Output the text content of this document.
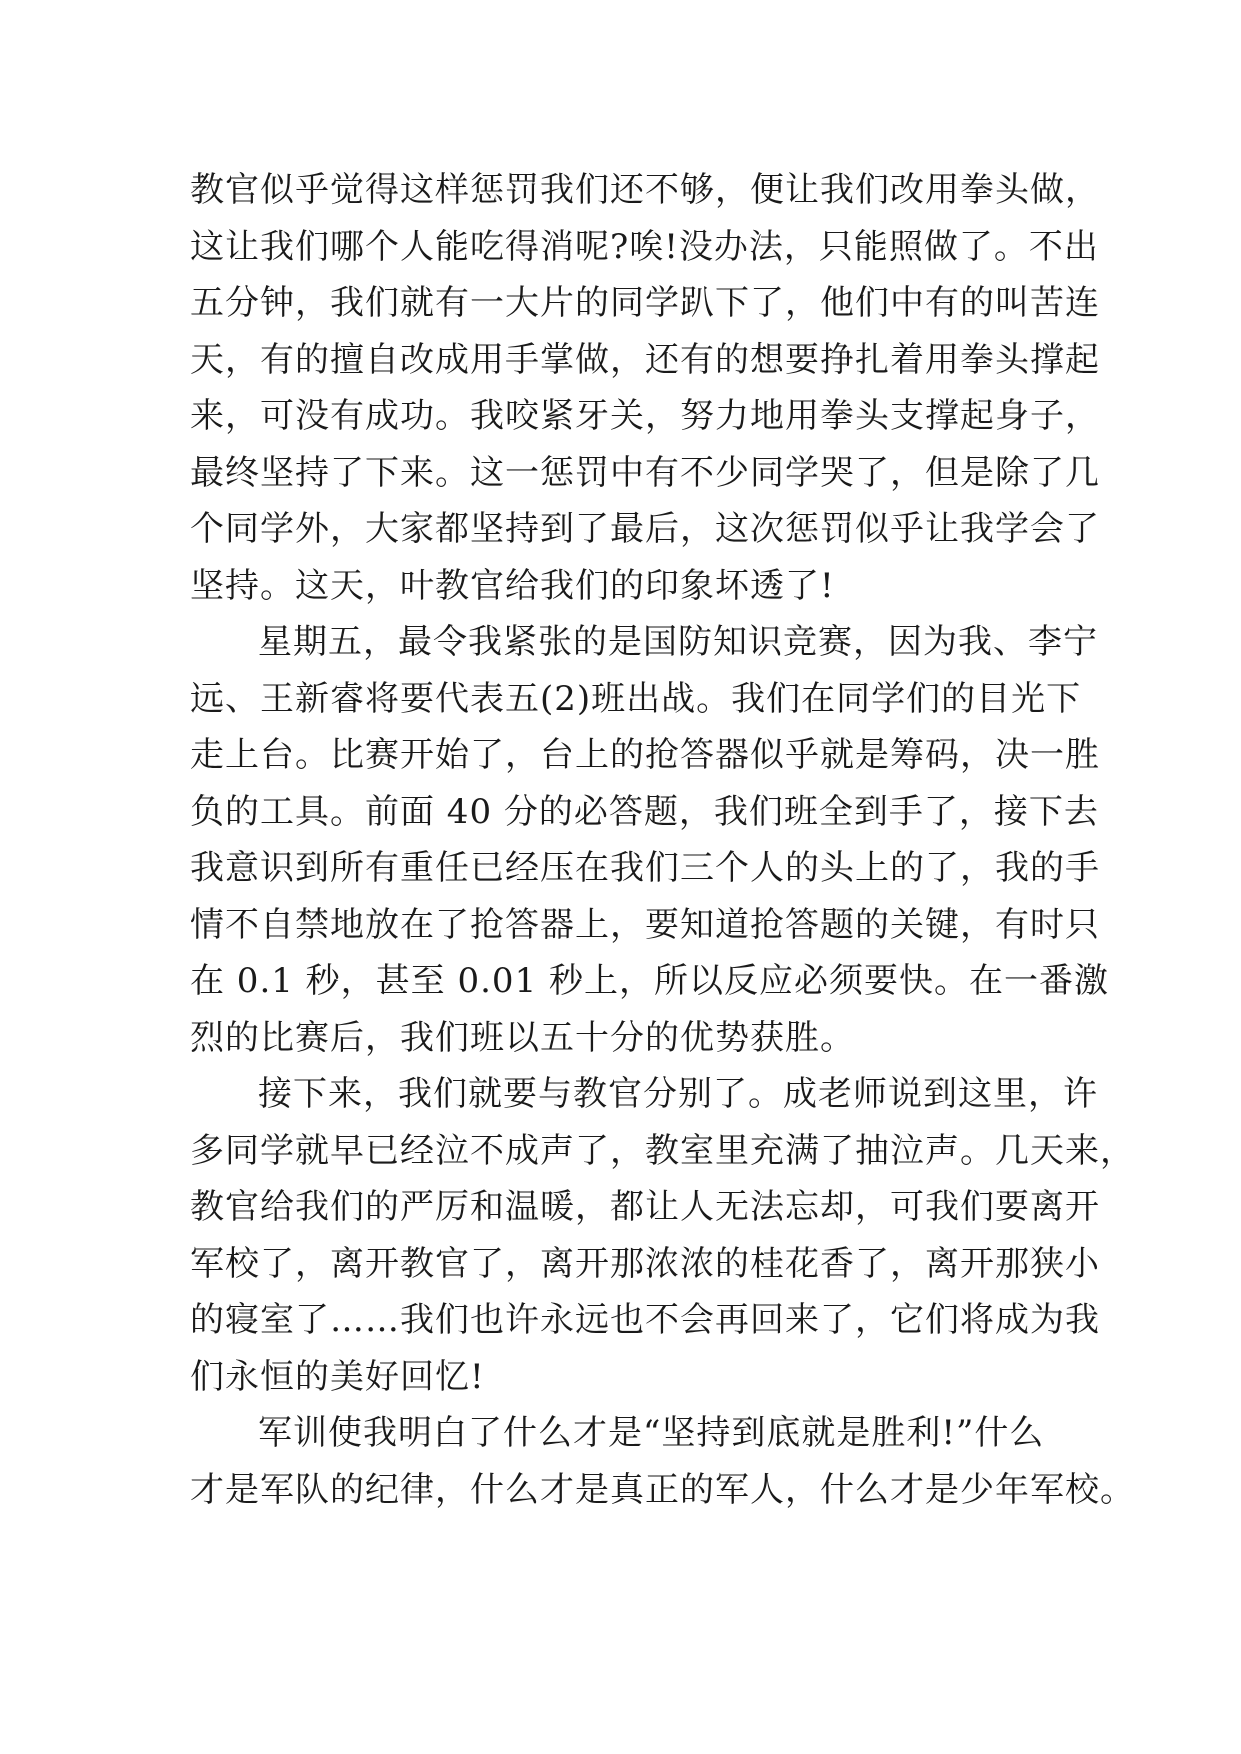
教官似乎觉得这样惩罚我们还不够，便让我们改用拳头做，
这让我们哪个人能吃得消呢?唉!没办法，只能照做了。不出
五分钟，我们就有一大片的同学趴下了，他们中有的叫苦连
天，有的擅自改成用手掌做，还有的想要挣扎着用拳头撑起
来，可没有成功。我咬紧牙关，努力地用拳头支撑起身子，
最终坚持了下来。这一惩罚中有不少同学哭了，但是除了几
个同学外，大家都坚持到了最后，这次惩罚似乎让我学会了
坚持。这天，叶教官给我们的印象坏透了!

星期五，最令我紧张的是国防知识竞赛，因为我、李宁
远、王新睿将要代表五(2)班出战。我们在同学们的目光下
走上台。比赛开始了，台上的抢答器似乎就是筹码，决一胜
负的工具。前面 40 分的必答题，我们班全到手了，接下去
我意识到所有重任已经压在我们三个人的头上的了，我的手
情不自禁地放在了抢答器上，要知道抢答题的关键，有时只
在 0.1 秒，甚至 0.01 秒上，所以反应必须要快。在一番激
烈的比赛后，我们班以五十分的优势获胜。

接下来，我们就要与教官分别了。成老师说到这里，许
多同学就早已经泣不成声了，教室里充满了抽泣声。几天来，
教官给我们的严厉和温暖，都让人无法忘却，可我们要离开
军校了，离开教官了，离开那浓浓的桂花香了，离开那狭小
的寝室了……我们也许永远也不会再回来了，它们将成为我
们永恒的美好回忆!

军训使我明白了什么才是“坚持到底就是胜利!”什么
才是军队的纪律，什么才是真正的军人，什么才是少年军校。
